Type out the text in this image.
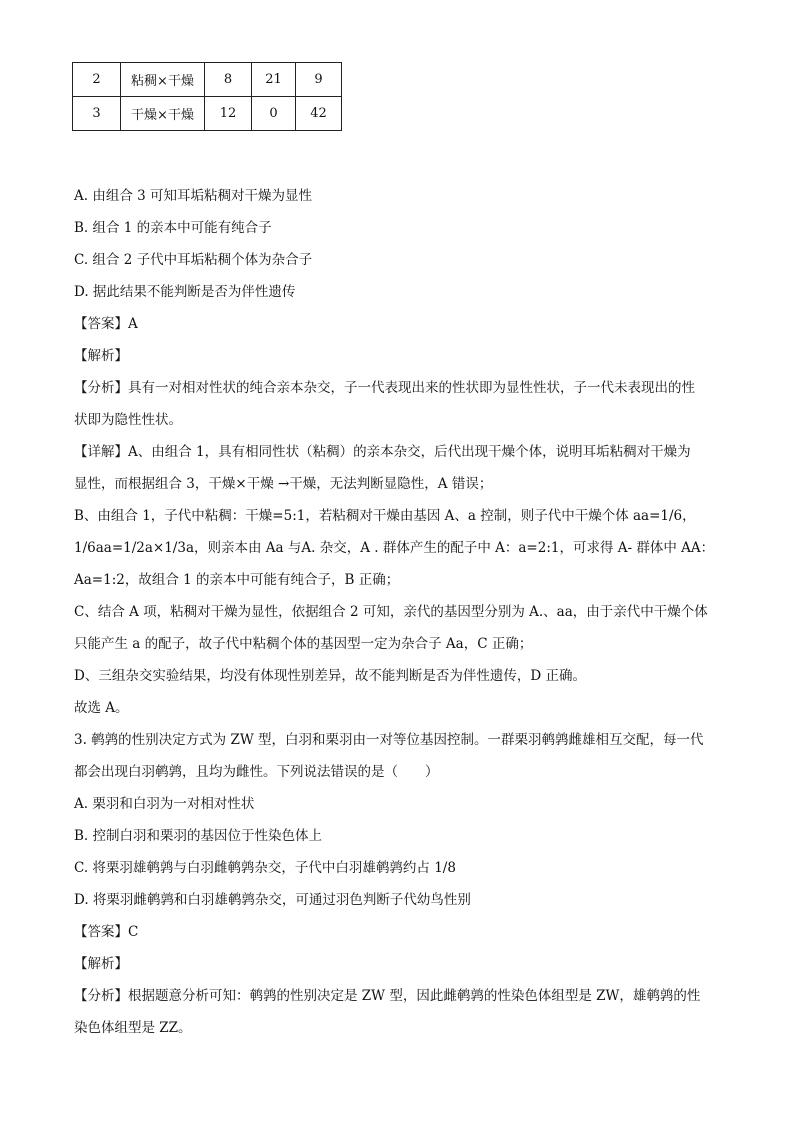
2	粘稠×干燥	8	21	9
3	干燥×干燥	12	0	42
A. 由组合 3 可知耳垢粘稠对干燥为显性
B. 组合 1 的亲本中可能有纯合子
C. 组合 2 子代中耳垢粘稠个体为杂合子
D. 据此结果不能判断是否为伴性遗传
【答案】A
【解析】
【分析】具有一对相对性状的纯合亲本杂交，子一代表现出来的性状即为显性性状，子一代未表现出的性
状即为隐性性状。
【详解】A、由组合 1，具有相同性状（粘稠）的亲本杂交，后代出现干燥个体，说明耳垢粘稠对干燥为
显性，而根据组合 3，干燥×干燥 →干燥，无法判断显隐性，A 错误；
B、由组合 1，子代中粘稠：干燥=5:1，若粘稠对干燥由基因 A、a 控制，则子代中干燥个体 aa=1/6，
1/6aa=1/2a×1/3a，则亲本由 Aa 与A. 杂交，A . 群体产生的配子中 A：a=2:1，可求得 A- 群体中 AA：
Aa=1:2，故组合 1 的亲本中可能有纯合子，B 正确；
C、结合 A 项，粘稠对干燥为显性，依据组合 2 可知，亲代的基因型分别为 A.、aa，由于亲代中干燥个体
只能产生 a 的配子，故子代中粘稠个体的基因型一定为杂合子 Aa，C 正确；
D、三组杂交实验结果，均没有体现性别差异，故不能判断是否为伴性遗传，D 正确。
故选 A。
3. 鹌鹑的性别决定方式为 ZW 型，白羽和栗羽由一对等位基因控制。一群栗羽鹌鹑雌雄相互交配，每一代
都会出现白羽鹌鹑，且均为雌性。下列说法错误的是（　　）
A. 栗羽和白羽为一对相对性状
B. 控制白羽和栗羽的基因位于性染色体上
C. 将栗羽雄鹌鹑与白羽雌鹌鹑杂交，子代中白羽雄鹌鹑约占 1/8
D. 将栗羽雌鹌鹑和白羽雄鹌鹑杂交，可通过羽色判断子代幼鸟性别
【答案】C
【解析】
【分析】根据题意分析可知：鹌鹑的性别决定是 ZW 型，因此雌鹌鹑的性染色体组型是 ZW，雄鹌鹑的性
染色体组型是 ZZ。
